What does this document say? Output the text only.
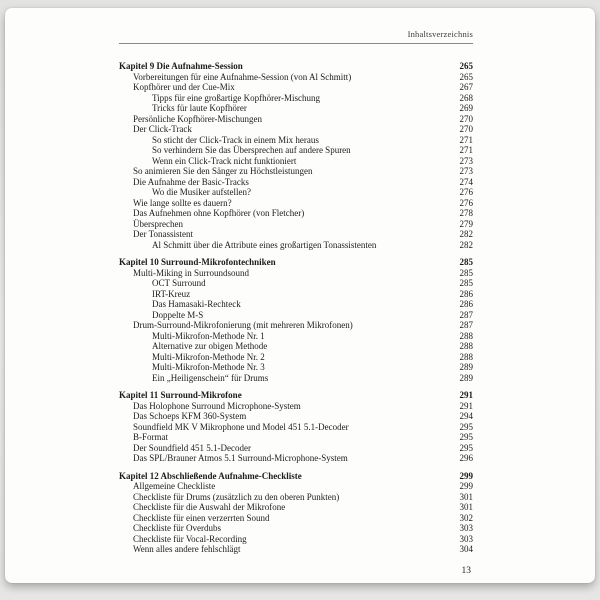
Inhaltsverzeichnis
Kapitel 9 Die Aufnahme-Session	265
Vorbereitungen für eine Aufnahme-Session (von Al Schmitt)	265
Kopfhörer und der Cue-Mix	267
Tipps für eine großartige Kopfhörer-Mischung	268
Tricks für laute Kopfhörer	269
Persönliche Kopfhörer-Mischungen	270
Der Click-Track	270
So sticht der Click-Track in einem Mix heraus	271
So verhindern Sie das Übersprechen auf andere Spuren	271
Wenn ein Click-Track nicht funktioniert	273
So animieren Sie den Sänger zu Höchstleistungen	273
Die Aufnahme der Basic-Tracks	274
Wo die Musiker aufstellen?	276
Wie lange sollte es dauern?	276
Das Aufnehmen ohne Kopfhörer (von Fletcher)	278
Übersprechen	279
Der Tonassistent	282
Al Schmitt über die Attribute eines großartigen Tonassistenten	282
Kapitel 10 Surround-Mikrofontechniken	285
Multi-Miking in Surroundsound	285
OCT Surround	285
IRT-Kreuz	286
Das Hamasaki-Rechteck	286
Doppelte M-S	287
Drum-Surround-Mikrofonierung (mit mehreren Mikrofonen)	287
Multi-Mikrofon-Methode Nr. 1	288
Alternative zur obigen Methode	288
Multi-Mikrofon-Methode Nr. 2	288
Multi-Mikrofon-Methode Nr. 3	289
Ein „Heiligenschein“ für Drums	289
Kapitel 11 Surround-Mikrofone	291
Das Holophone Surround Microphone-System	291
Das Schoeps KFM 360-System	294
Soundfield MK V Mikrophone und Model 451 5.1-Decoder	295
B-Format	295
Der Soundfield 451 5.1-Decoder	295
Das SPL/Brauner Atmos 5.1 Surround-Microphone-System	296
Kapitel 12 Abschließende Aufnahme-Checkliste	299
Allgemeine Checkliste	299
Checkliste für Drums (zusätzlich zu den oberen Punkten)	301
Checkliste für die Auswahl der Mikrofone	301
Checkliste für einen verzerrten Sound	302
Checkliste für Overdubs	303
Checkliste für Vocal-Recording	303
Wenn alles andere fehlschlägt	304
13
